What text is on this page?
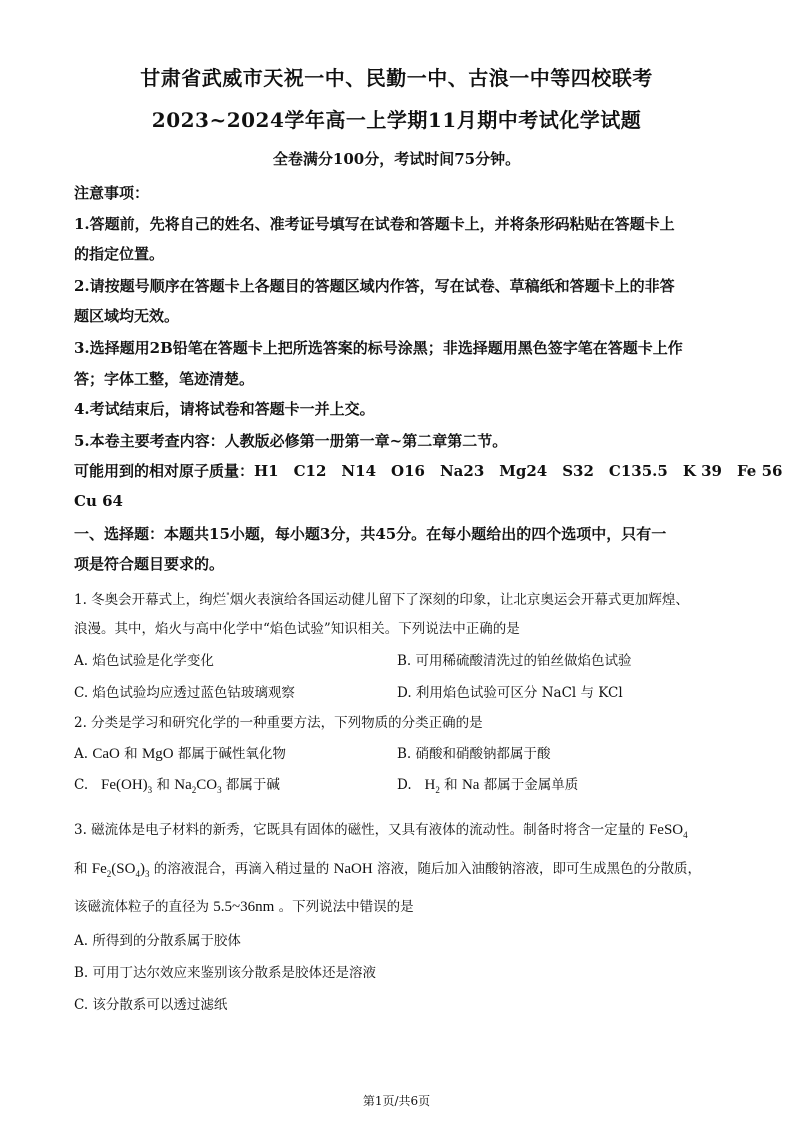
甘肃省武威市天祝一中、民勤一中、古浪一中等四校联考
2023~2024学年高一上学期11月期中考试化学试题
全卷满分100分，考试时间75分钟。
注意事项：
1.答题前，先将自己的姓名、准考证号填写在试卷和答题卡上，并将条形码粘贴在答题卡上
的指定位置。
2.请按题号顺序在答题卡上各题目的答题区域内作答，写在试卷、草稿纸和答题卡上的非答
题区域均无效。
3.选择题用2B铅笔在答题卡上把所选答案的标号涂黑；非选择题用黑色签字笔在答题卡上作
答；字体工整，笔迹清楚。
4.考试结束后，请将试卷和答题卡一并上交。
5.本卷主要考查内容：人教版必修第一册第一章~第二章第二节。
可能用到的相对原子质量：H1　C12　N14　O16　Na23　Mg24　S32　C135.5　K 39　Fe 56
Cu 64
一、选择题：本题共15小题，每小题3分，共45分。在每小题给出的四个选项中，只有一
项是符合题目要求的。
1. 冬奥会开幕式上，绚烂"烟火表演给各国运动健儿留下了深刻的印象，让北京奥运会开幕式更加辉煌、
浪漫。其中，焰火与高中化学中“焰色试验”知识相关。下列说法中正确的是
A. 焰色试验是化学变化	B. 可用稀硫酸清洗过的铂丝做焰色试验
C. 焰色试验均应透过蓝色钴玻璃观察	D. 利用焰色试验可区分 NaCl 与 KCl
2. 分类是学习和研究化学的一种重要方法，下列物质的分类正确的是
A. CaO 和 MgO 都属于碱性氧化物	B. 硝酸和硝酸钠都属于酸
C. $Fe(OH)_3$ 和 $Na_2CO_3$ 都属于碱	D. $H_2$ 和 Na 都属于金属单质
3. 磁流体是电子材料的新秀，它既具有固体的磁性，又具有液体的流动性。制备时将含一定量的 FeSO$_4$
和 $Fe_2(SO_4)_3$ 的溶液混合，再滴入稍过量的 NaOH 溶液，随后加入油酸钠溶液，即可生成黑色的分散质，
该磁流体粒子的直径为 5.5~36nm 。下列说法中错误的是
A. 所得到的分散系属于胶体
B. 可用丁达尔效应来鉴别该分散系是胶体还是溶液
C. 该分散系可以透过滤纸
第1页/共6页
